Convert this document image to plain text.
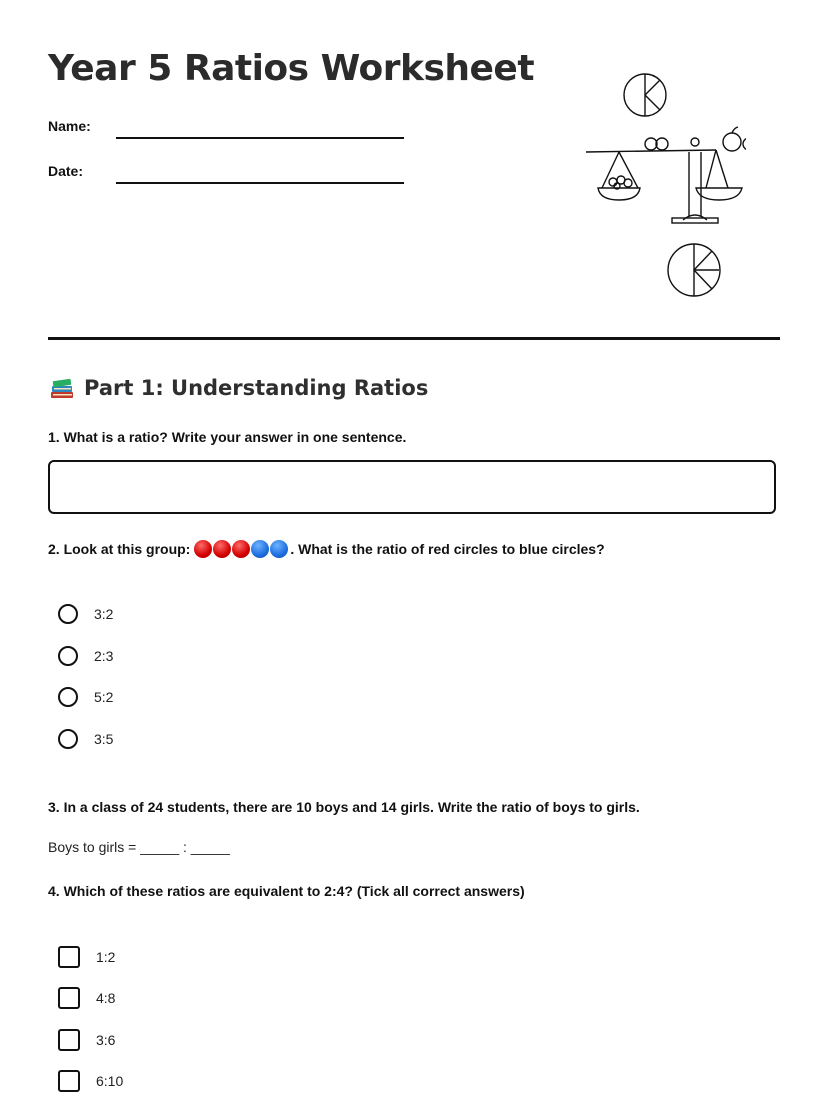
Year 5 Ratios Worksheet
Name:
Date:
Part 1: Understanding Ratios
1. What is a ratio? Write your answer in one sentence.
2. Look at this group:	. What is the ratio of red circles to blue circles?
3:2
2:3
5:2
3:5
3. In a class of 24 students, there are 10 boys and 14 girls. Write the ratio of boys to girls.
Boys to girls = _____ : _____
4. Which of these ratios are equivalent to 2:4? (Tick all correct answers)
1:2
4:8
3:6
6:10
